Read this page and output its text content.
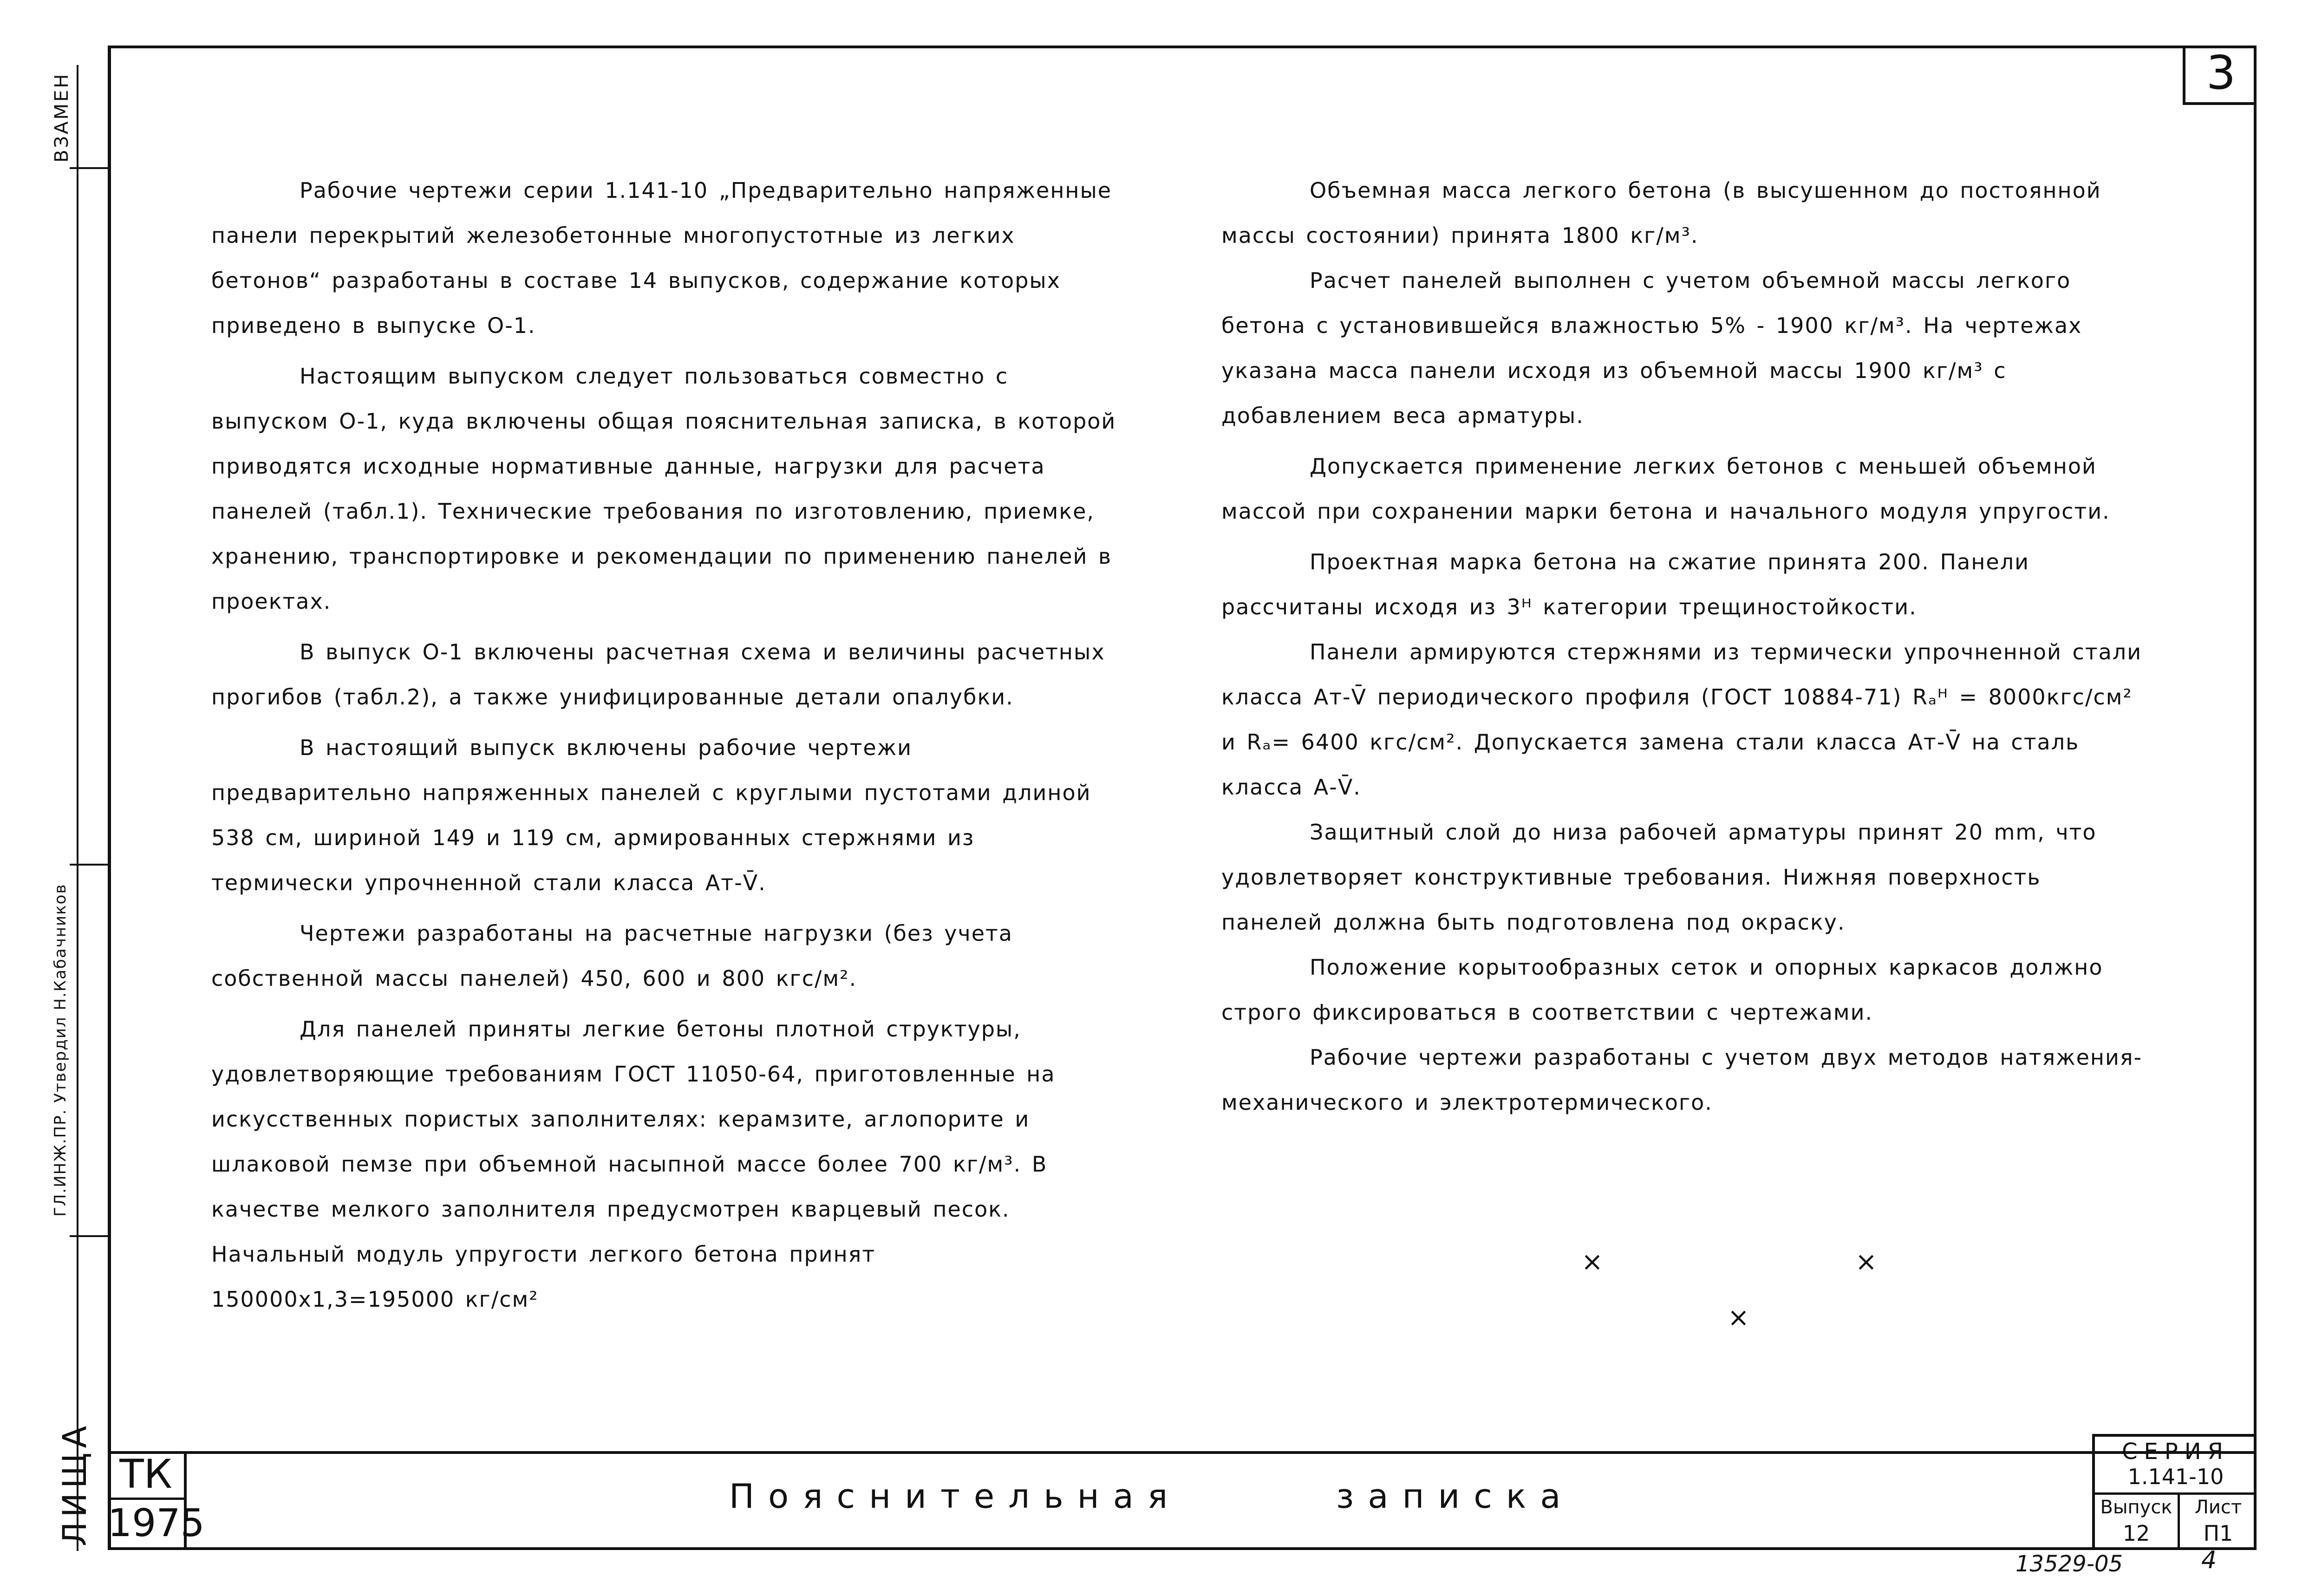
ВЗАМЕН
ГЛ.ИНЖ.ПР. Утвердил Н.Кабачников
ЛИЩА
3

Рабочие чертежи серии 1.141-10 „Предварительно напряженные панели перекрытий железобетонные многопустотные из легких бетонов“ разработаны в составе 14 выпусков, содержание которых приведено в выпуске О-1.

Настоящим выпуском следует пользоваться совместно с выпуском О-1, куда включены общая пояснительная записка, в которой приводятся исходные нормативные данные, нагрузки для расчета панелей (табл.1). Технические требования по изготовлению, приемке, хранению, транспортировке и рекомендации по применению панелей в проектах.

В выпуск О-1 включены расчетная схема и величины расчетных прогибов (табл.2), а также унифицированные детали опалубки.

В настоящий выпуск включены рабочие чертежи предварительно напряженных панелей с круглыми пустотами длиной 538 см, шириной 149 и 119 см, армированных стержнями из термически упрочненной стали класса Ат-V̄.

Чертежи разработаны на расчетные нагрузки (без учета собственной массы панелей) 450, 600 и 800 кгс/м².

Для панелей приняты легкие бетоны плотной структуры, удовлетворяющие требованиям ГОСТ 11050-64, приготовленные на искусственных пористых заполнителях: керамзите, аглопорите и шлаковой пемзе при объемной насыпной массе более 700 кг/м³. В качестве мелкого заполнителя предусмотрен кварцевый песок. Начальный модуль упругости легкого бетона принят 150000х1,3=195000 кг/см²

Объемная масса легкого бетона (в высушенном до постоянной массы состоянии) принята 1800 кг/м³.

Расчет панелей выполнен с учетом объемной массы легкого бетона с установившейся влажностью 5% - 1900 кг/м³. На чертежах указана масса панели исходя из объемной массы 1900 кг/м³ с добавлением веса арматуры.

Допускается применение легких бетонов с меньшей объемной массой при сохранении марки бетона и начального модуля упругости.

Проектная марка бетона на сжатие принята 200. Панели рассчитаны исходя из 3ᴴ категории трещиностойкости.

Панели армируются стержнями из термически упрочненной стали класса Ат-V̄ периодического профиля (ГОСТ 10884-71) Rₐᴴ = 8000кгс/см² и Rₐ= 6400 кгс/см². Допускается замена стали класса Ат-V̄ на сталь класса А-V̄.

Защитный слой до низа рабочей арматуры принят 20 mm, что удовлетворяет конструктивные требования. Нижняя поверхность панелей должна быть подготовлена под окраску.

Положение корытообразных сеток и опорных каркасов должно строго фиксироваться в соответствии с чертежами.

Рабочие чертежи разработаны с учетом двух методов натяжения- механического и электротермического.

×	×
×
ТК
1975
Пояснительная записка
СЕРИЯ
1.141-10
Выпуск	Лист
12	П1
13529-05	4
